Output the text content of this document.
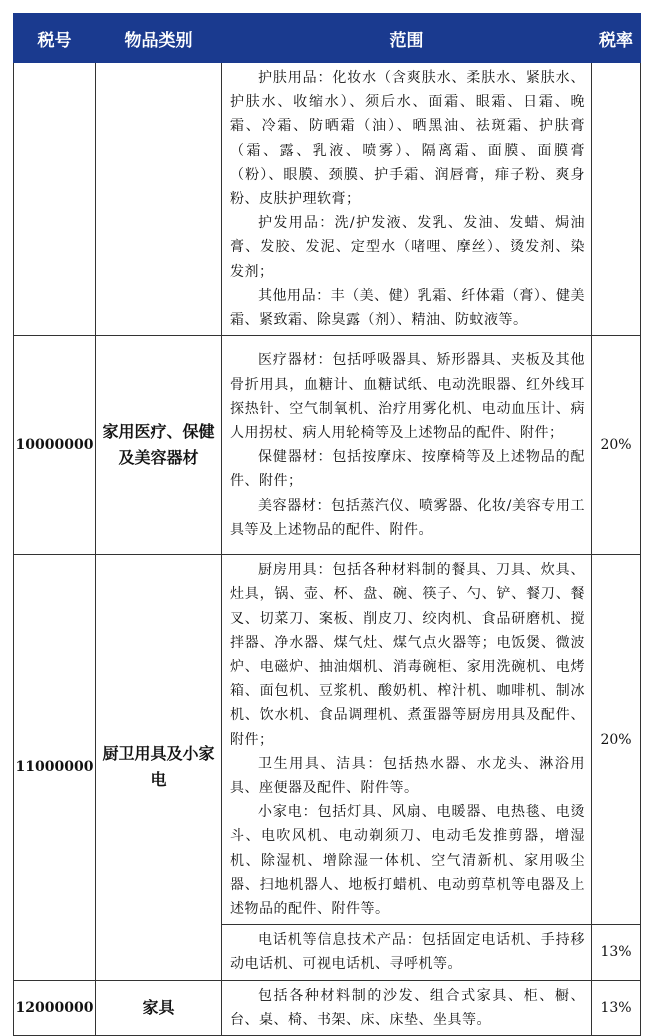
税号	物品类别	范围	税率

		护肤用品：化妆水（含爽肤水、柔肤水、紧肤水、护肤水、收缩水）、须后水、面霜、眼霜、日霜、晚霜、冷霜、防晒霜（油）、晒黑油、祛斑霜、护肤膏（霜、露、乳液、喷雾）、隔离霜、面膜、面膜膏（粉）、眼膜、颈膜、护手霜、润唇膏，痱子粉、爽身粉、皮肤护理软膏；

护发用品：洗/护发液、发乳、发油、发蜡、焗油膏、发胶、发泥、定型水（啫哩、摩丝）、烫发剂、染发剂；

其他用品：丰（美、健）乳霜、纤体霜（膏）、健美霜、紧致霜、除臭露（剂）、精油、防蚊液等。	

10000000	家用医疗、保健及美容器材	医疗器材：包括呼吸器具、矫形器具、夹板及其他骨折用具，血糖计、血糖试纸、电动洗眼器、红外线耳探热针、空气制氧机、治疗用雾化机、电动血压计、病人用拐杖、病人用轮椅等及上述物品的配件、附件；

保健器材：包括按摩床、按摩椅等及上述物品的配件、附件；

美容器材：包括蒸汽仪、喷雾器、化妆/美容专用工具等及上述物品的配件、附件。	20%
11000000	厨卫用具及小家电	厨房用具：包括各种材料制的餐具、刀具、炊具、灶具，锅、壶、杯、盘、碗、筷子、勺、铲、餐刀、餐叉、切菜刀、案板、削皮刀、绞肉机、食品研磨机、搅拌器、净水器、煤气灶、煤气点火器等；电饭煲、微波炉、电磁炉、抽油烟机、消毒碗柜、家用洗碗机、电烤箱、面包机、豆浆机、酸奶机、榨汁机、咖啡机、制冰机、饮水机、食品调理机、煮蛋器等厨房用具及配件、附件；

卫生用具、洁具：包括热水器、水龙头、淋浴用具、座便器及配件、附件等。

小家电：包括灯具、风扇、电暖器、电热毯、电烫斗、电吹风机、电动剃须刀、电动毛发推剪器，增湿机、除湿机、增除湿一体机、空气清新机、家用吸尘器、扫地机器人、地板打蜡机、电动剪草机等电器及上述物品的配件、附件等。	20%

		电话机等信息技术产品：包括固定电话机、手持移动电话机、可视电话机、寻呼机等。	13%
12000000	家具	包括各种材料制的沙发、组合式家具、柜、橱、台、桌、椅、书架、床、床垫、坐具等。	13%
